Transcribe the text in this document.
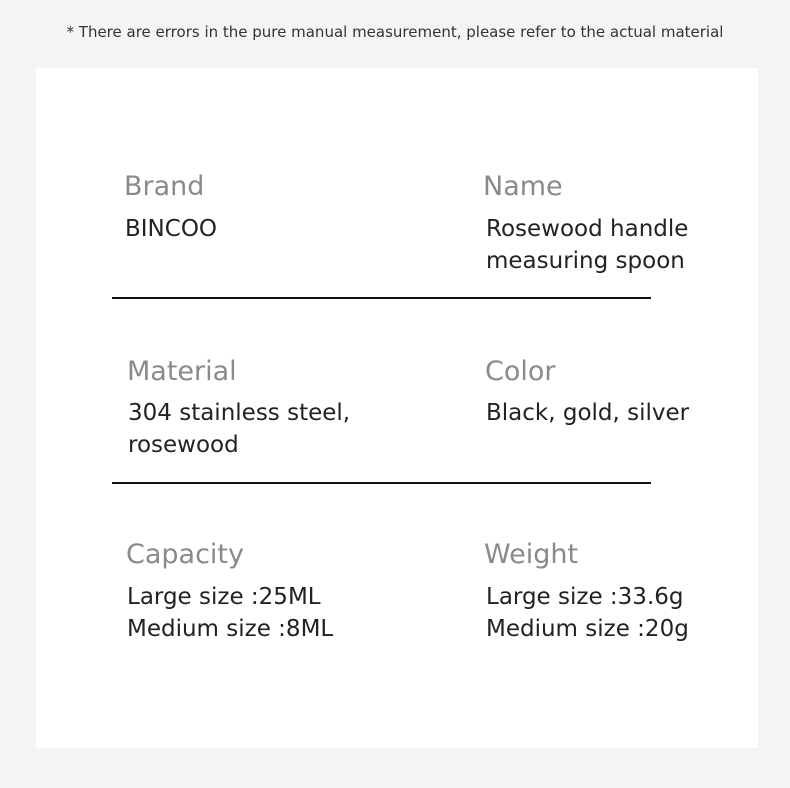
* There are errors in the pure manual measurement, please refer to the actual material
Brand
BINCOO
Name
Rosewood handle
measuring spoon
Material
304 stainless steel,
rosewood
Color
Black, gold, silver
Capacity
Large size :25ML
Medium size :8ML
Weight
Large size :33.6g
Medium size :20g
